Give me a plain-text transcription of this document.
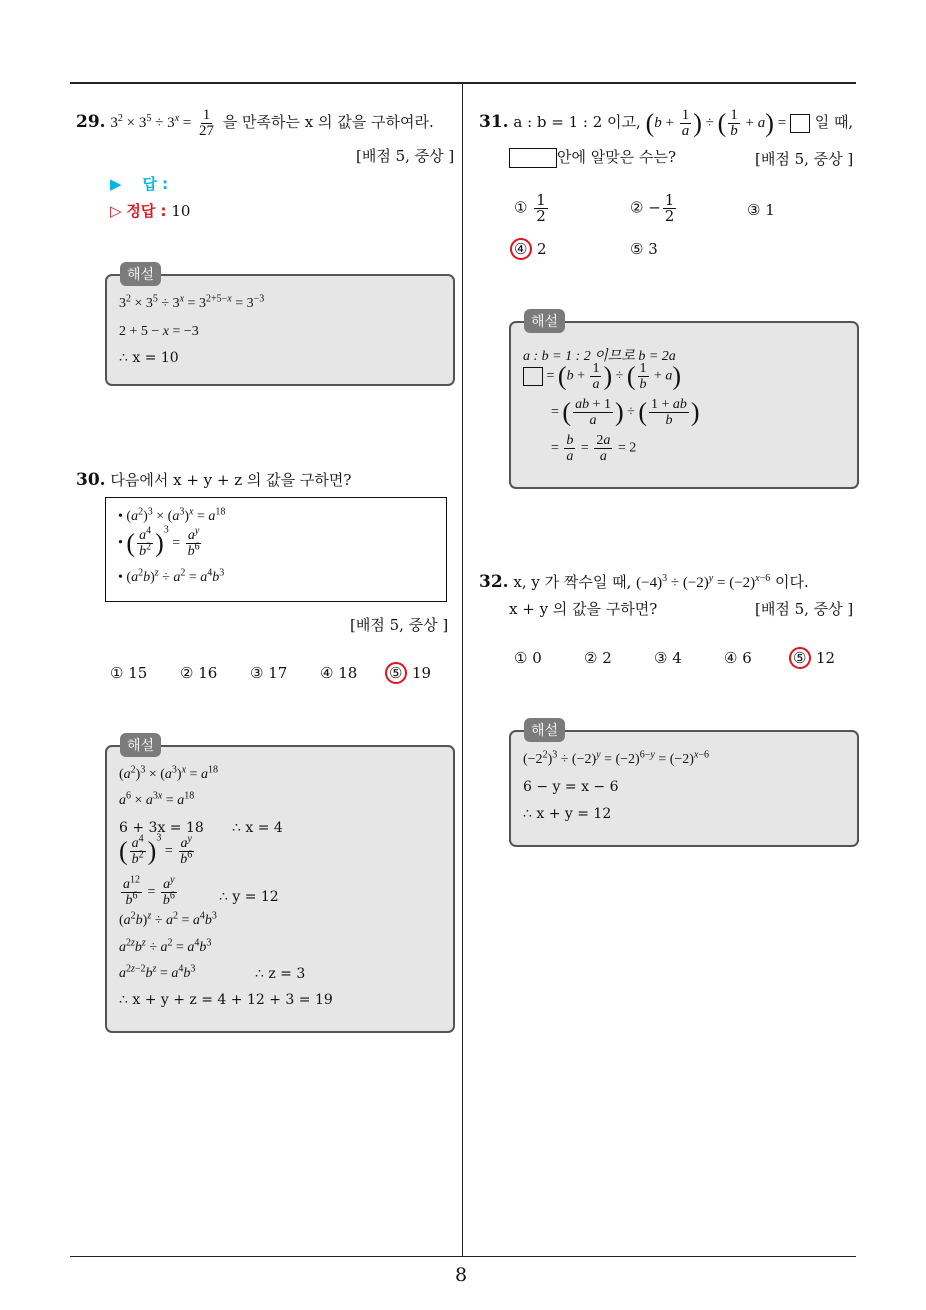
8
29. $3^2 \times 3^5 \div 3^x = \frac{1}{27}$ 을 만족하는 x 의 값을 구하여라.
[배점 5, 중상 ]
▶ 답 :
▷ 정답 : 10
$3^2 \times 3^5 \div 3^x = 3^{2+5-x} = 3^{-3}$
2 + 5 − x = −3
∴ x = 10
해설
30. 다음에서 x + y + z 의 값을 구하면?
• $(a^2)^3 \times (a^3)^x = a^{18}$
• ( $\frac{a^4}{b^2} )^3 = \frac{a^y}{b^6}$
• $(a^2b)^z \div a^2 = a^4b^3$
[배점 5, 중상 ]
① 15 ② 16 ③ 17 ④ 18 ⑤ 19
$(a^2)^3 \times (a^3)^x = a^{18}$
$a^6 \times a^{3x} = a^{18}$
6 + 3x = 18 ∴ x = 4
( $\frac{a^4}{b^2} )^3 = \frac{a^y}{b^6}$
$\frac{a^{12}}{b^6} = \frac{a^y}{b^6}$	∴ y = 12
$(a^2b)^z \div a^2 = a^4b^3$
$a^{2z}b^z \div a^2 = a^4b^3$
$a^{2z-2}b^z = a^4b^3$	∴ z = 3
∴ x + y + z = 4 + 12 + 3 = 19
해설
31. a : b = 1 : 2 이고, ($b + \frac{1}{a}$ ) ÷ ( $\frac{1}{b} + a$) = 일 때,
안에 알맞은 수는?	[배점 5, 중상 ]
① $\frac{1}{2}$	② − $\frac{1}{2}$	③ 1
④ 2	⑤ 3
a : b = 1 : 2 이므로 b = 2a
= ($b + \frac{1}{a}$ ) ÷ ( $\frac{1}{b} + a$)
= ( $\frac{ab + 1}{a}$ ) ÷ ( $\frac{1 + ab}{b}$ )
= $\frac{b}{a} = \frac{2a}{a} = 2$
해설
32. x, y 가 짝수일 때, $(-4)^3 \div (-2)^y = (-2)^{x-6}$ 이다.
x + y 의 값을 구하면?	[배점 5, 중상 ]
① 0	② 2	③ 4	④ 6	⑤ 12
$(-2^2)^3 \div (-2)^y = (-2)^{6-y} = (-2)^{x-6}$
6 − y = x − 6
∴ x + y = 12
해설
